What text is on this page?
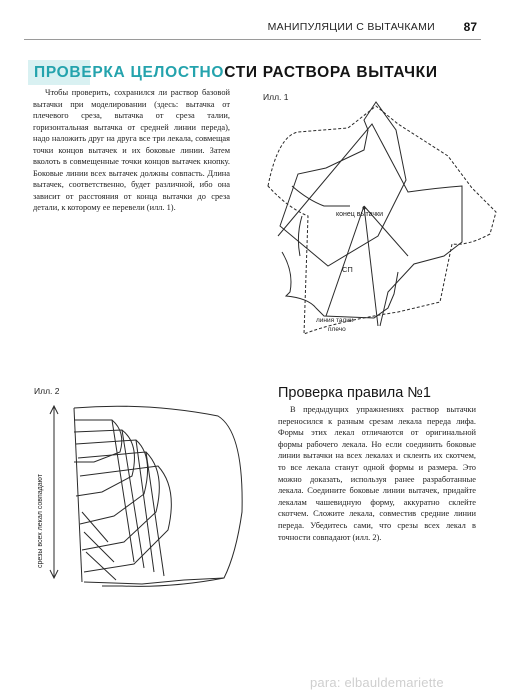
МАНИПУЛЯЦИИ С ВЫТАЧКАМИ 87
ПРОВЕРКА ЦЕЛОСТНОСТИ РАСТВОРА ВЫТАЧКИ

Чтобы проверить, сохранился ли раствор базовой вытачки при моделировании (здесь: вытачка от плечевого среза, вытачка от среза талии, горизонтальная вытачка от средней линии переда), надо наложить друг на друга все три лекала, совмещая точки концов вытачек и их боковые линии. Затем вколоть в совмещенные точки концов вытачек кнопку. Боковые линии всех вытачек должны совпасть. Длина вытачек, соответственно, будет различной, ибо она зависит от расстояния от конца вытачки до среза детали, к которому ее перевели (илл. 1).

Илл. 1
конец вытачки
СП
линия талии
плечо
Илл. 2
срезы всех лекал совпадают
Проверка правила №1

В предыдущих упражнениях раствор вытачки переносился к разным срезам лекала переда лифа. Формы этих лекал отличаются от оригинальной формы рабочего лекала. Но если соединить боковые линии вытачки на всех лекалах и склеить их скотчем, то все лекала станут одной формы и размера. Это можно доказать, используя ранее разработанные лекала. Соедините боковые линии вытачек, придайте лекалам чашевидную форму, аккуратно склейте скотчем. Сложите лекала, совместив средние линии переда. Убедитесь сами, что срезы всех лекал в точности совпадают (илл. 2).

para: elbauldemariette
